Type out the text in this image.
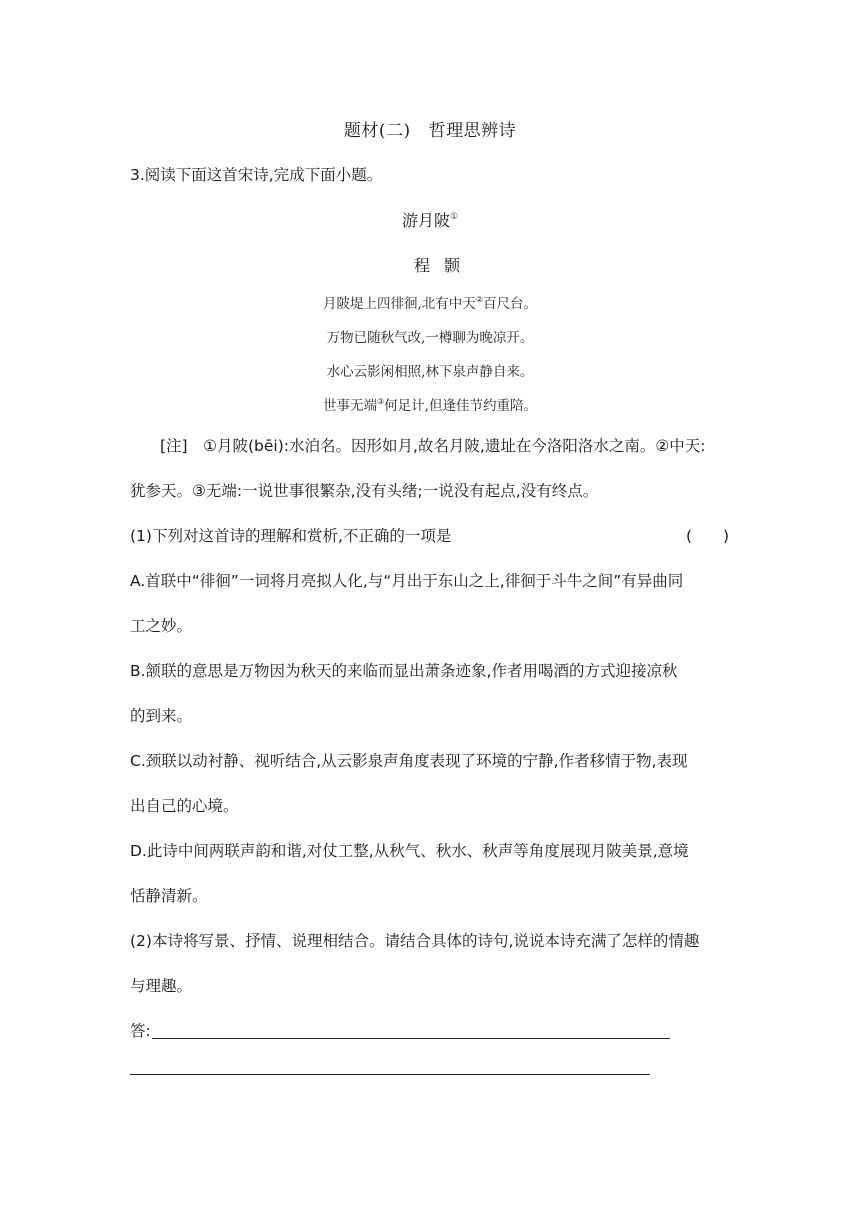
题材(二) 哲理思辨诗
3.阅读下面这首宋诗,完成下面小题。
游月陂①
程颢
月陂堤上四徘徊,北有中天②百尺台。
万物已随秋气改,一樽聊为晚凉开。
水心云影闲相照,林下泉声静自来。
世事无端③何足计,但逢佳节约重陪。
[注]　①月陂(bēi):水泊名。因形如月,故名月陂,遗址在今洛阳洛水之南。②中天:
犹参天。③无端:一说世事很繁杂,没有头绪;一说没有起点,没有终点。
(1)下列对这首诗的理解和赏析,不正确的一项是	(　　)
A.首联中“徘徊”一词将月亮拟人化,与“月出于东山之上,徘徊于斗牛之间”有异曲同
工之妙。
B.颔联的意思是万物因为秋天的来临而显出萧条迹象,作者用喝酒的方式迎接凉秋
的到来。
C.颈联以动衬静、视听结合,从云影泉声角度表现了环境的宁静,作者移情于物,表现
出自己的心境。
D.此诗中间两联声韵和谐,对仗工整,从秋气、秋水、秋声等角度展现月陂美景,意境
恬静清新。
(2)本诗将写景、抒情、说理相结合。请结合具体的诗句,说说本诗充满了怎样的情趣
与理趣。
答:
